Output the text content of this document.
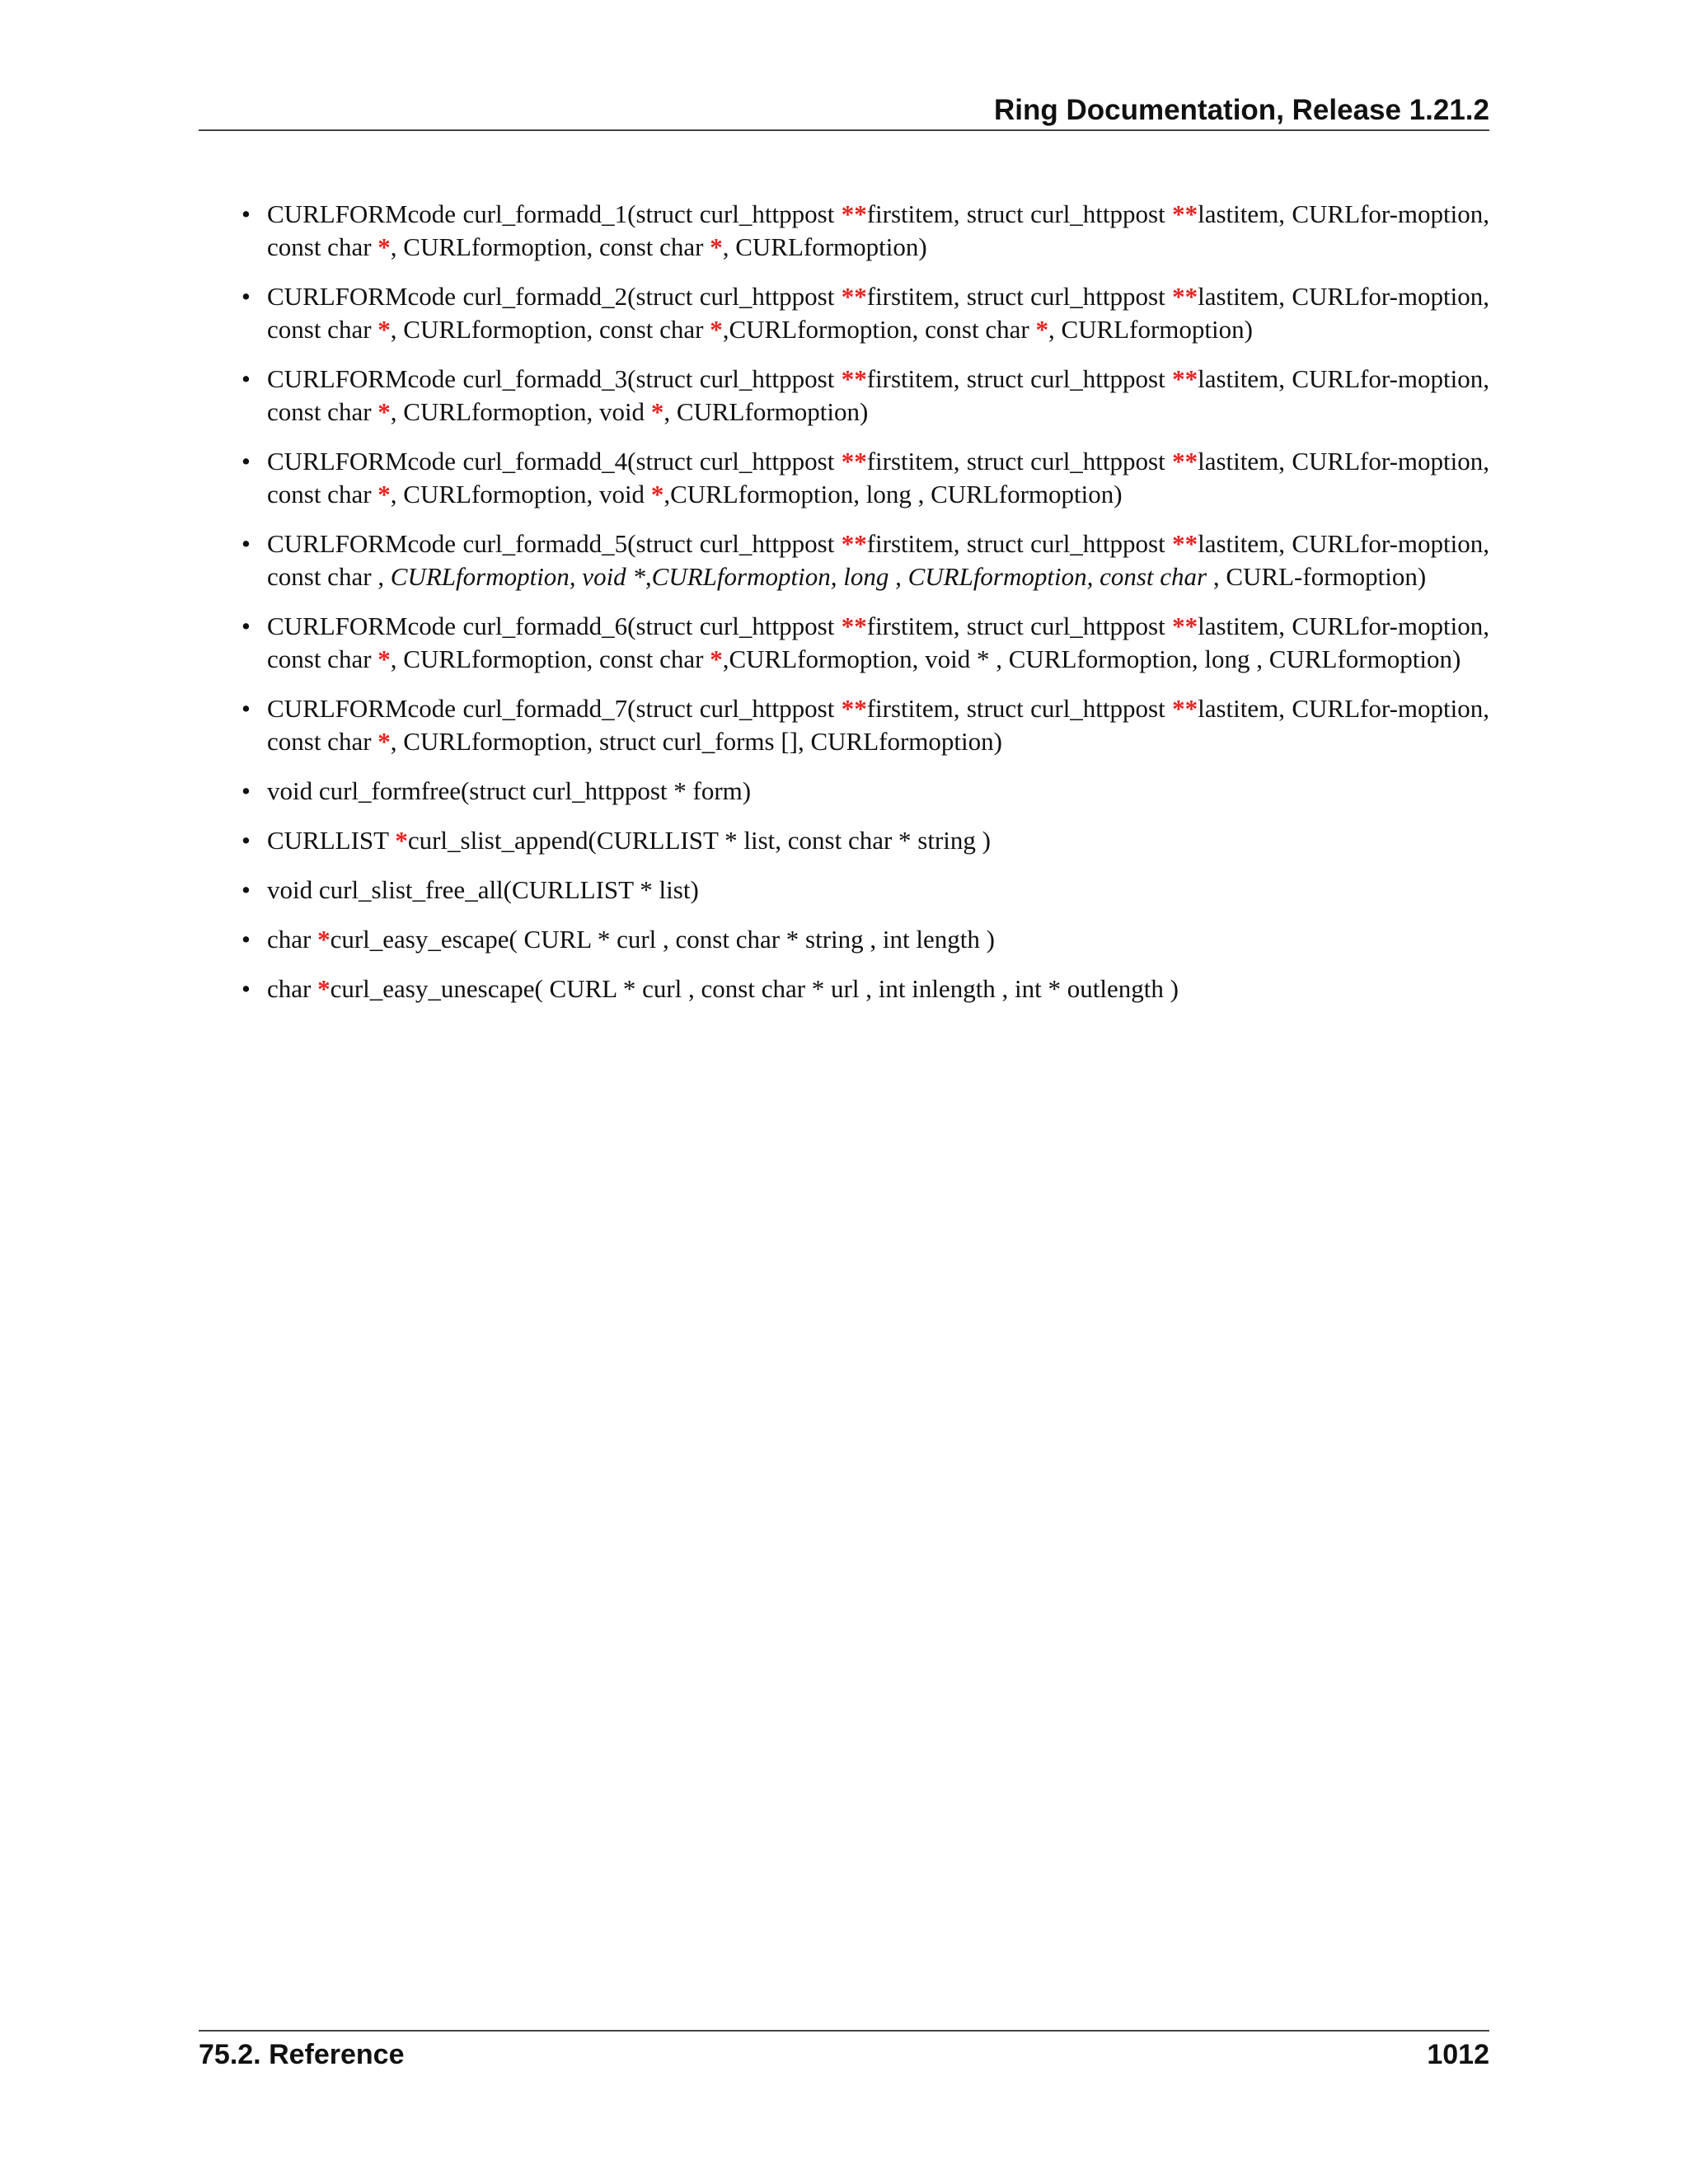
Ring Documentation, Release 1.21.2
• CURLFORMcode curl_formadd_1(struct curl_httppost **firstitem, struct curl_httppost **lastitem, CURLfor-moption, const char *, CURLformoption, const char *, CURLformoption)
• CURLFORMcode curl_formadd_2(struct curl_httppost **firstitem, struct curl_httppost **lastitem, CURLfor-moption, const char *, CURLformoption, const char *,CURLformoption, const char *, CURLformoption)
• CURLFORMcode curl_formadd_3(struct curl_httppost **firstitem, struct curl_httppost **lastitem, CURLfor-moption, const char *, CURLformoption, void *, CURLformoption)
• CURLFORMcode curl_formadd_4(struct curl_httppost **firstitem, struct curl_httppost **lastitem, CURLfor-moption, const char *, CURLformoption, void *,CURLformoption, long , CURLformoption)
• CURLFORMcode curl_formadd_5(struct curl_httppost **firstitem, struct curl_httppost **lastitem, CURLfor-moption, const char , CURLformoption, void *,CURLformoption, long , CURLformoption, const char , CURL-formoption)
• CURLFORMcode curl_formadd_6(struct curl_httppost **firstitem, struct curl_httppost **lastitem, CURLfor-moption, const char *, CURLformoption, const char *,CURLformoption, void * , CURLformoption, long , CURLformoption)
• CURLFORMcode curl_formadd_7(struct curl_httppost **firstitem, struct curl_httppost **lastitem, CURLfor-moption, const char *, CURLformoption, struct curl_forms [], CURLformoption)
• void curl_formfree(struct curl_httppost * form)
• CURLLIST *curl_slist_append(CURLLIST * list, const char * string )
• void curl_slist_free_all(CURLLIST * list)
• char *curl_easy_escape( CURL * curl , const char * string , int length )
• char *curl_easy_unescape( CURL * curl , const char * url , int inlength , int * outlength )
75.2. Reference	1012
